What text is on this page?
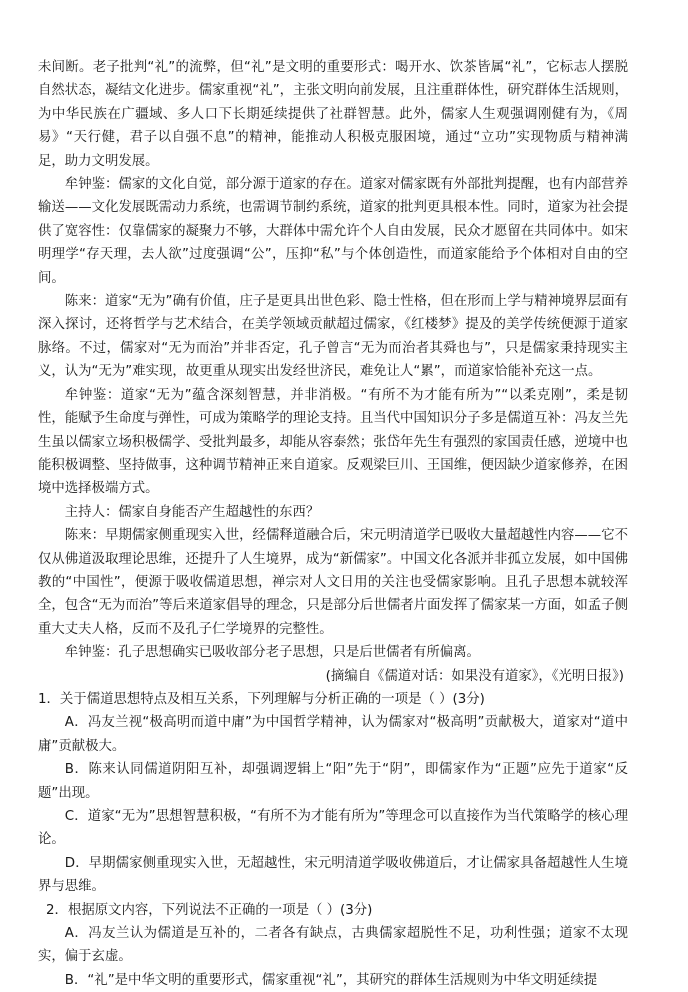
未间断。老子批判“礼”的流弊，但“礼”是文明的重要形式：喝开水、饮茶皆属“礼”，它标志人摆脱自然状态，凝结文化进步。儒家重视“礼”，主张文明向前发展，且注重群体性，研究群体生活规则，为中华民族在广疆域、多人口下长期延续提供了社群智慧。此外，儒家人生观强调刚健有为，《周易》“天行健，君子以自强不息”的精神，能推动人积极克服困境，通过“立功”实现物质与精神满足，助力文明发展。

牟钟鉴：儒家的文化自觉，部分源于道家的存在。道家对儒家既有外部批判提醒，也有内部营养输送——文化发展既需动力系统，也需调节制约系统，道家的批判更具根本性。同时，道家为社会提供了宽容性：仅靠儒家的凝聚力不够，大群体中需允许个人自由发展，民众才愿留在共同体中。如宋明理学“存天理，去人欲”过度强调“公”，压抑“私”与个体创造性，而道家能给予个体相对自由的空间。

陈来：道家“无为”确有价值，庄子是更具出世色彩、隐士性格，但在形而上学与精神境界层面有深入探讨，还将哲学与艺术结合，在美学领域贡献超过儒家，《红楼梦》提及的美学传统便源于道家脉络。不过，儒家对“无为而治”并非否定，孔子曾言“无为而治者其舜也与”，只是儒家秉持现实主义，认为“无为”难实现，故更重从现实出发经世济民，难免让人“累”，而道家恰能补充这一点。

牟钟鉴：道家“无为”蕴含深刻智慧，并非消极。“有所不为才能有所为”“以柔克刚”，柔是韧性，能赋予生命度与弹性，可成为策略学的理论支持。且当代中国知识分子多是儒道互补：冯友兰先生虽以儒家立场积极儒学、受批判最多，却能从容泰然；张岱年先生有强烈的家国责任感，逆境中也能积极调整、坚持做事，这种调节精神正来自道家。反观梁巨川、王国维，便因缺少道家修养，在困境中选择极端方式。

主持人：儒家自身能否产生超越性的东西？

陈来：早期儒家侧重现实入世，经儒释道融合后，宋元明清道学已吸收大量超越性内容——它不仅从佛道汲取理论思维，还提升了人生境界，成为“新儒家”。中国文化各派并非孤立发展，如中国佛教的“中国性”，便源于吸收儒道思想，禅宗对人文日用的关注也受儒家影响。且孔子思想本就较浑全，包含“无为而治”等后来道家倡导的理念，只是部分后世儒者片面发挥了儒家某一方面，如孟子侧重大丈夫人格，反而不及孔子仁学境界的完整性。

牟钟鉴：孔子思想确实已吸收部分老子思想，只是后世儒者有所偏离。

(摘编自《儒道对话：如果没有道家》，《光明日报》)

1．关于儒道思想特点及相互关系，下列理解与分析正确的一项是（ ）(3分)

A．冯友兰视“极高明而道中庸”为中国哲学精神，认为儒家对“极高明”贡献极大，道家对“道中庸”贡献极大。

B．陈来认同儒道阴阳互补，却强调逻辑上“阳”先于“阴”，即儒家作为“正题”应先于道家“反题”出现。

C．道家“无为”思想智慧积极，“有所不为才能有所为”等理念可以直接作为当代策略学的核心理论。

D．早期儒家侧重现实入世，无超越性，宋元明清道学吸收佛道后，才让儒家具备超越性人生境界与思维。

2．根据原文内容，下列说法不正确的一项是（ ）(3分)

A．冯友兰认为儒道是互补的，二者各有缺点，古典儒家超脱性不足，功利性强；道家不太现实，偏于玄虚。

B．“礼”是中华文明的重要形式，儒家重视“礼”，其研究的群体生活规则为中华文明延续提
